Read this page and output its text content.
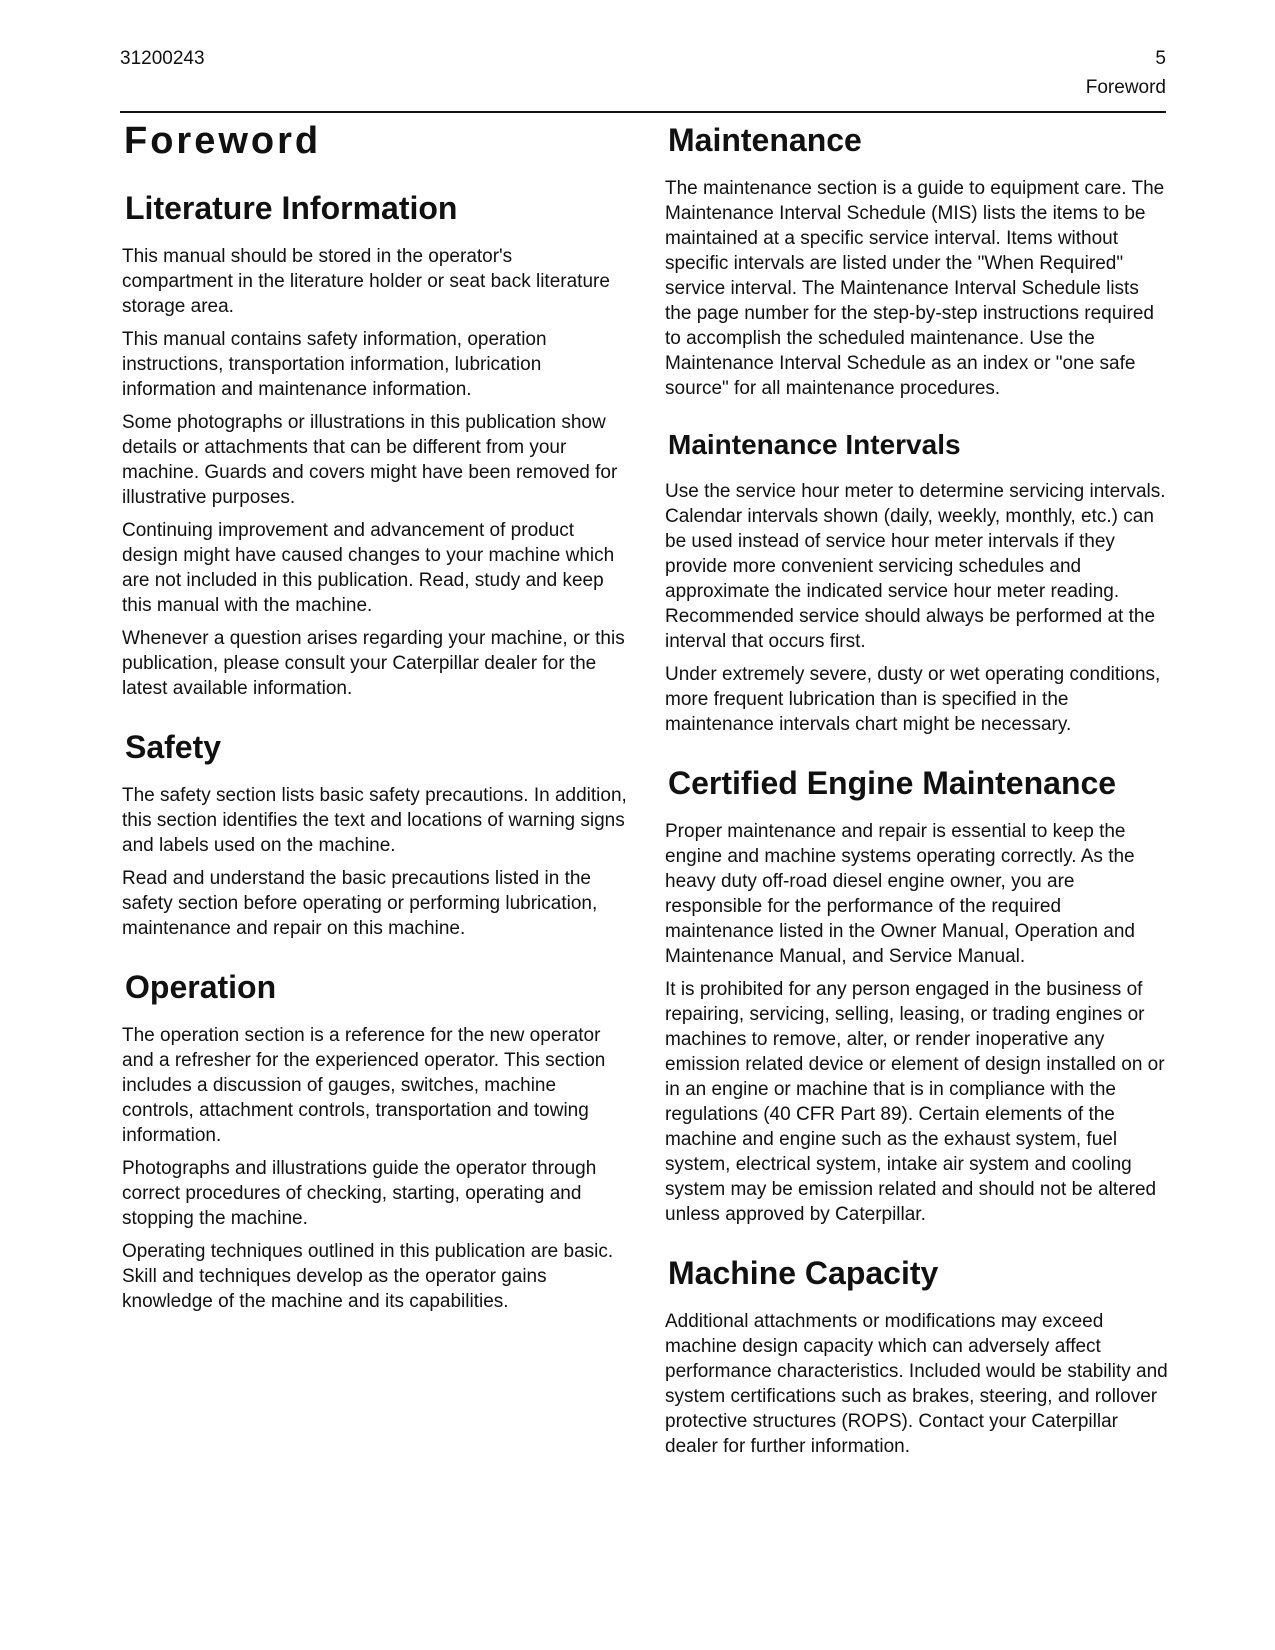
31200243	5
Foreword
Foreword
Literature Information

This manual should be stored in the operator's compartment in the literature holder or seat back literature storage area.

This manual contains safety information, operation instructions, transportation information, lubrication information and maintenance information.

Some photographs or illustrations in this publication show details or attachments that can be different from your machine. Guards and covers might have been removed for illustrative purposes.

Continuing improvement and advancement of product design might have caused changes to your machine which are not included in this publication. Read, study and keep this manual with the machine.

Whenever a question arises regarding your machine, or this publication, please consult your Caterpillar dealer for the latest available information.

Safety

The safety section lists basic safety precautions. In addition, this section identifies the text and locations of warning signs and labels used on the machine.

Read and understand the basic precautions listed in the safety section before operating or performing lubrication, maintenance and repair on this machine.

Operation

The operation section is a reference for the new operator and a refresher for the experienced operator. This section includes a discussion of gauges, switches, machine controls, attachment controls, transportation and towing information.

Photographs and illustrations guide the operator through correct procedures of checking, starting, operating and stopping the machine.

Operating techniques outlined in this publication are basic. Skill and techniques develop as the operator gains knowledge of the machine and its capabilities.

Maintenance

The maintenance section is a guide to equipment care. The Maintenance Interval Schedule (MIS) lists the items to be maintained at a specific service interval. Items without specific intervals are listed under the "When Required" service interval. The Maintenance Interval Schedule lists the page number for the step-by-step instructions required to accomplish the scheduled maintenance. Use the Maintenance Interval Schedule as an index or "one safe source" for all maintenance procedures.

Maintenance Intervals

Use the service hour meter to determine servicing intervals. Calendar intervals shown (daily, weekly, monthly, etc.) can be used instead of service hour meter intervals if they provide more convenient servicing schedules and approximate the indicated service hour meter reading. Recommended service should always be performed at the interval that occurs first.

Under extremely severe, dusty or wet operating conditions, more frequent lubrication than is specified in the maintenance intervals chart might be necessary.

Certified Engine Maintenance

Proper maintenance and repair is essential to keep the engine and machine systems operating correctly. As the heavy duty off-road diesel engine owner, you are responsible for the performance of the required maintenance listed in the Owner Manual, Operation and Maintenance Manual, and Service Manual.

It is prohibited for any person engaged in the business of repairing, servicing, selling, leasing, or trading engines or machines to remove, alter, or render inoperative any emission related device or element of design installed on or in an engine or machine that is in compliance with the regulations (40 CFR Part 89). Certain elements of the machine and engine such as the exhaust system, fuel system, electrical system, intake air system and cooling system may be emission related and should not be altered unless approved by Caterpillar.

Machine Capacity

Additional attachments or modifications may exceed machine design capacity which can adversely affect performance characteristics. Included would be stability and system certifications such as brakes, steering, and rollover protective structures (ROPS). Contact your Caterpillar dealer for further information.
